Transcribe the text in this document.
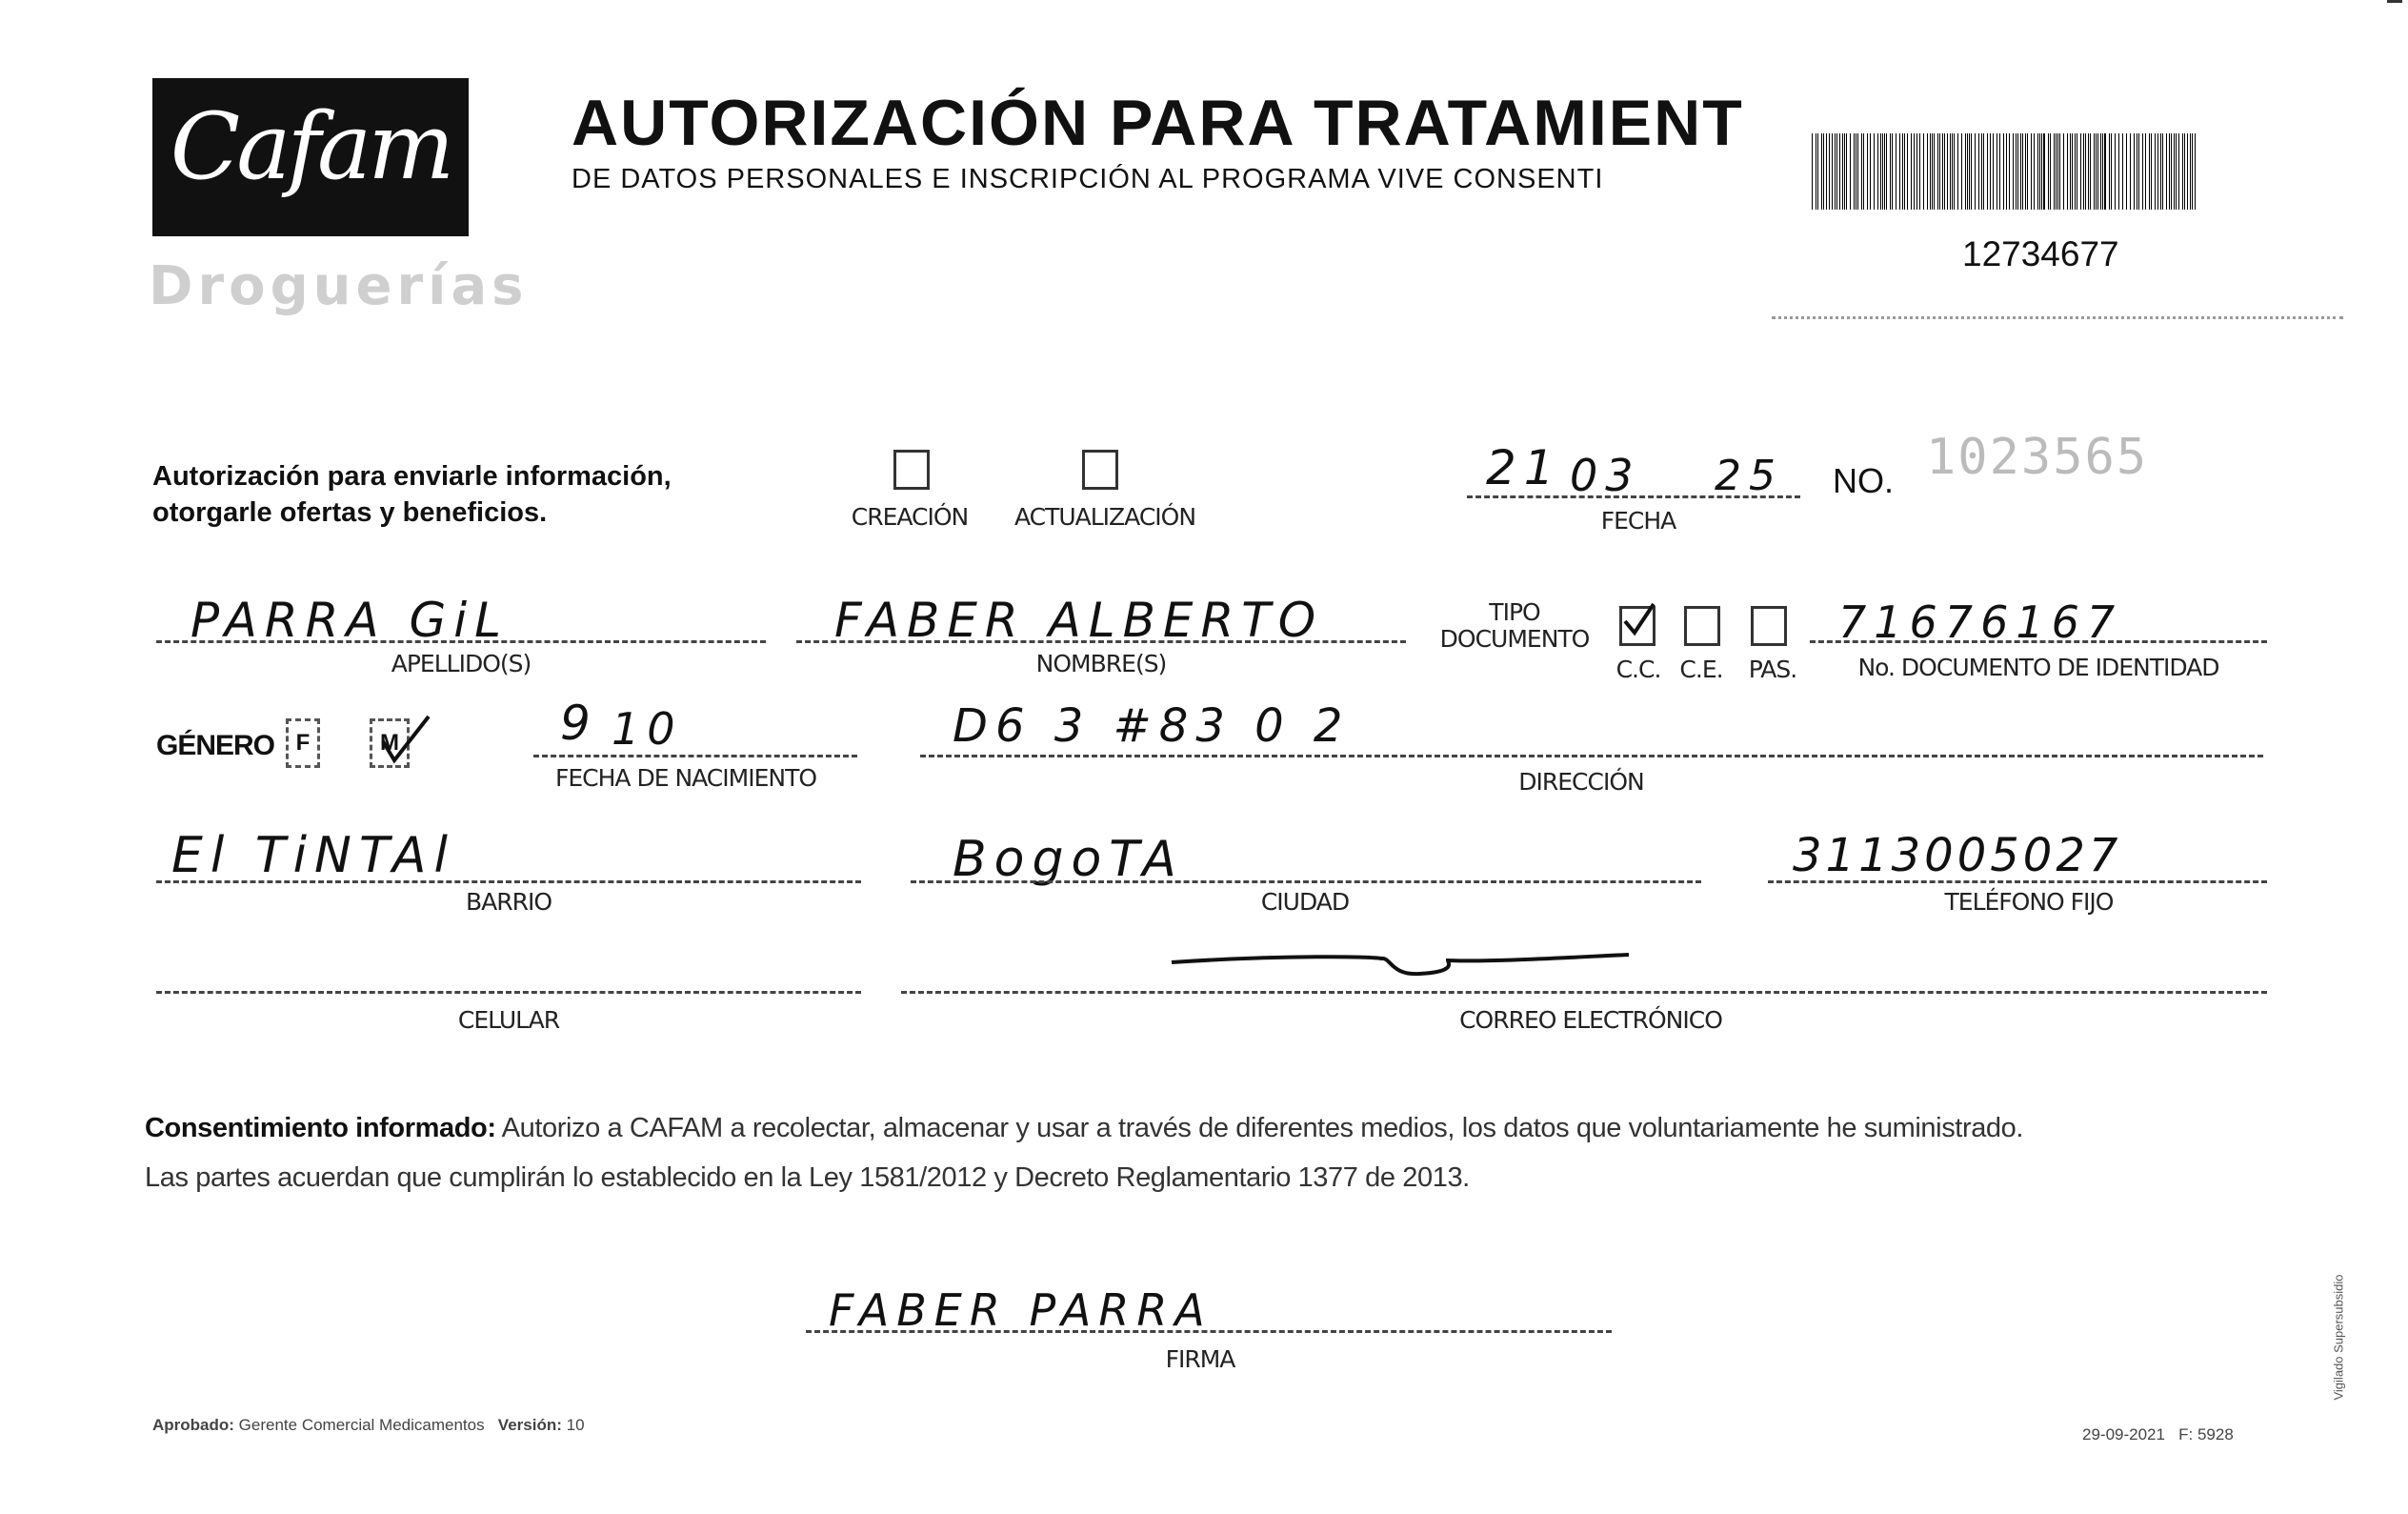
Cafam
Droguerías
AUTORIZACIÓN PARA TRATAMIENT
DE DATOS PERSONALES E INSCRIPCIÓN AL PROGRAMA VIVE CONSENTI
12734677
Autorización para enviarle información,
otorgarle ofertas y beneficios.	CREACIÓN	ACTUALIZACIÓN
21 03 25
FECHA
NO. 1023565
PARRA GiL
APELLIDO(S)
FABER ALBERTO
NOMBRE(S)
TIPO
DOCUMENTO
C.C. C.E.	PAS.
71676167
No. DOCUMENTO DE IDENTIDAD
GÉNERO F	M	9 10
FECHA DE NACIMIENTO
D6 3 #83 0 2
DIRECCIÓN
El TiNTAl
BARRIO
BogoTA
CIUDAD
3113005027
TELÉFONO FIJO
CELULAR	CORREO ELECTRÓNICO
Consentimiento informado: Autorizo a CAFAM a recolectar, almacenar y usar a través de diferentes medios, los datos que voluntariamente he suministrado.
Las partes acuerdan que cumplirán lo establecido en la Ley 1581/2012 y Decreto Reglamentario 1377 de 2013.
FABER PARRA
FIRMA
Aprobado: Gerente Comercial Medicamentos Versión: 10
29-09-2021 F: 5928
Vigilado Supersubsidio
